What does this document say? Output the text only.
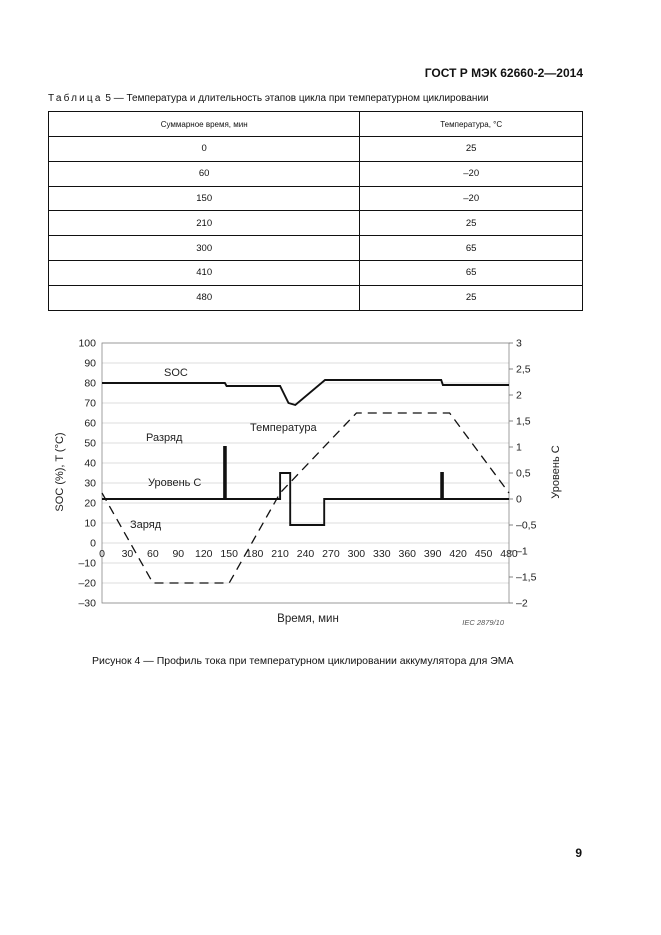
ГОСТ Р МЭК 62660-2—2014
Таблица 5 — Температура и длительность этапов цикла при температурном циклировании
Суммарное время, мин	Температура, °C
0	25
60	–20
150	–20
210	25
300	65
410	65
480	25
100
90
80
70
60
50
40
30
20
10
0
–10
–20
–30
3
2,5
2
1,5
1
0,5
0
–0,5
–1
–1,5
–2
0 30 60 90 120 150 180 210 240 270 300 330 360 390 420 450 480
SOC
Разряд
Температура
Уровень C
Заряд
IEC 2879/10
Время, мин
SOC (%), T (°C)	Уровень C
Рисунок 4 — Профиль тока при температурном циклировании аккумулятора для ЭМА
9
